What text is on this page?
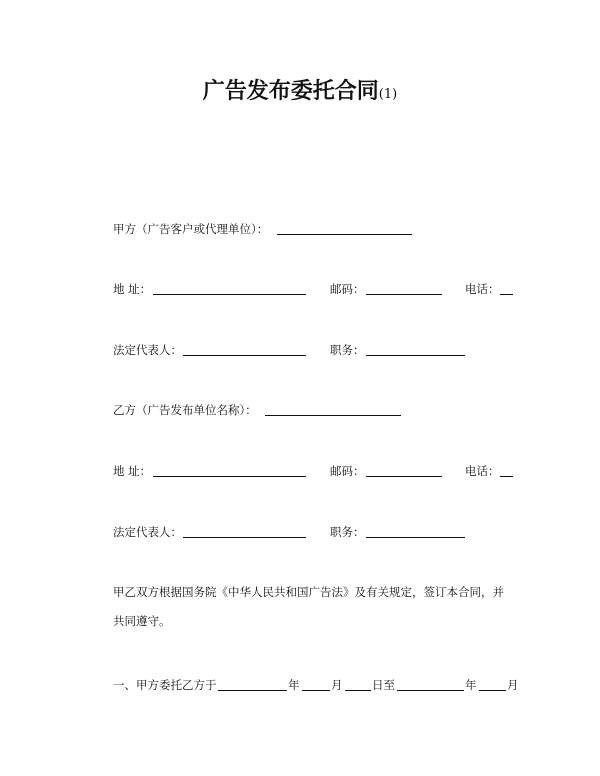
广告发布委托合同(1)
甲方（广告客户或代理单位）：
地 址：	邮码：	电话：
法定代表人：	职务：
乙方（广告发布单位名称）：
地 址：	邮码：	电话：
法定代表人：	职务：
甲乙双方根据国务院《中华人民共和国广告法》及有关规定，签订本合同，并
共同遵守。
一、甲方委托乙方于	年	月	日至	年	月
